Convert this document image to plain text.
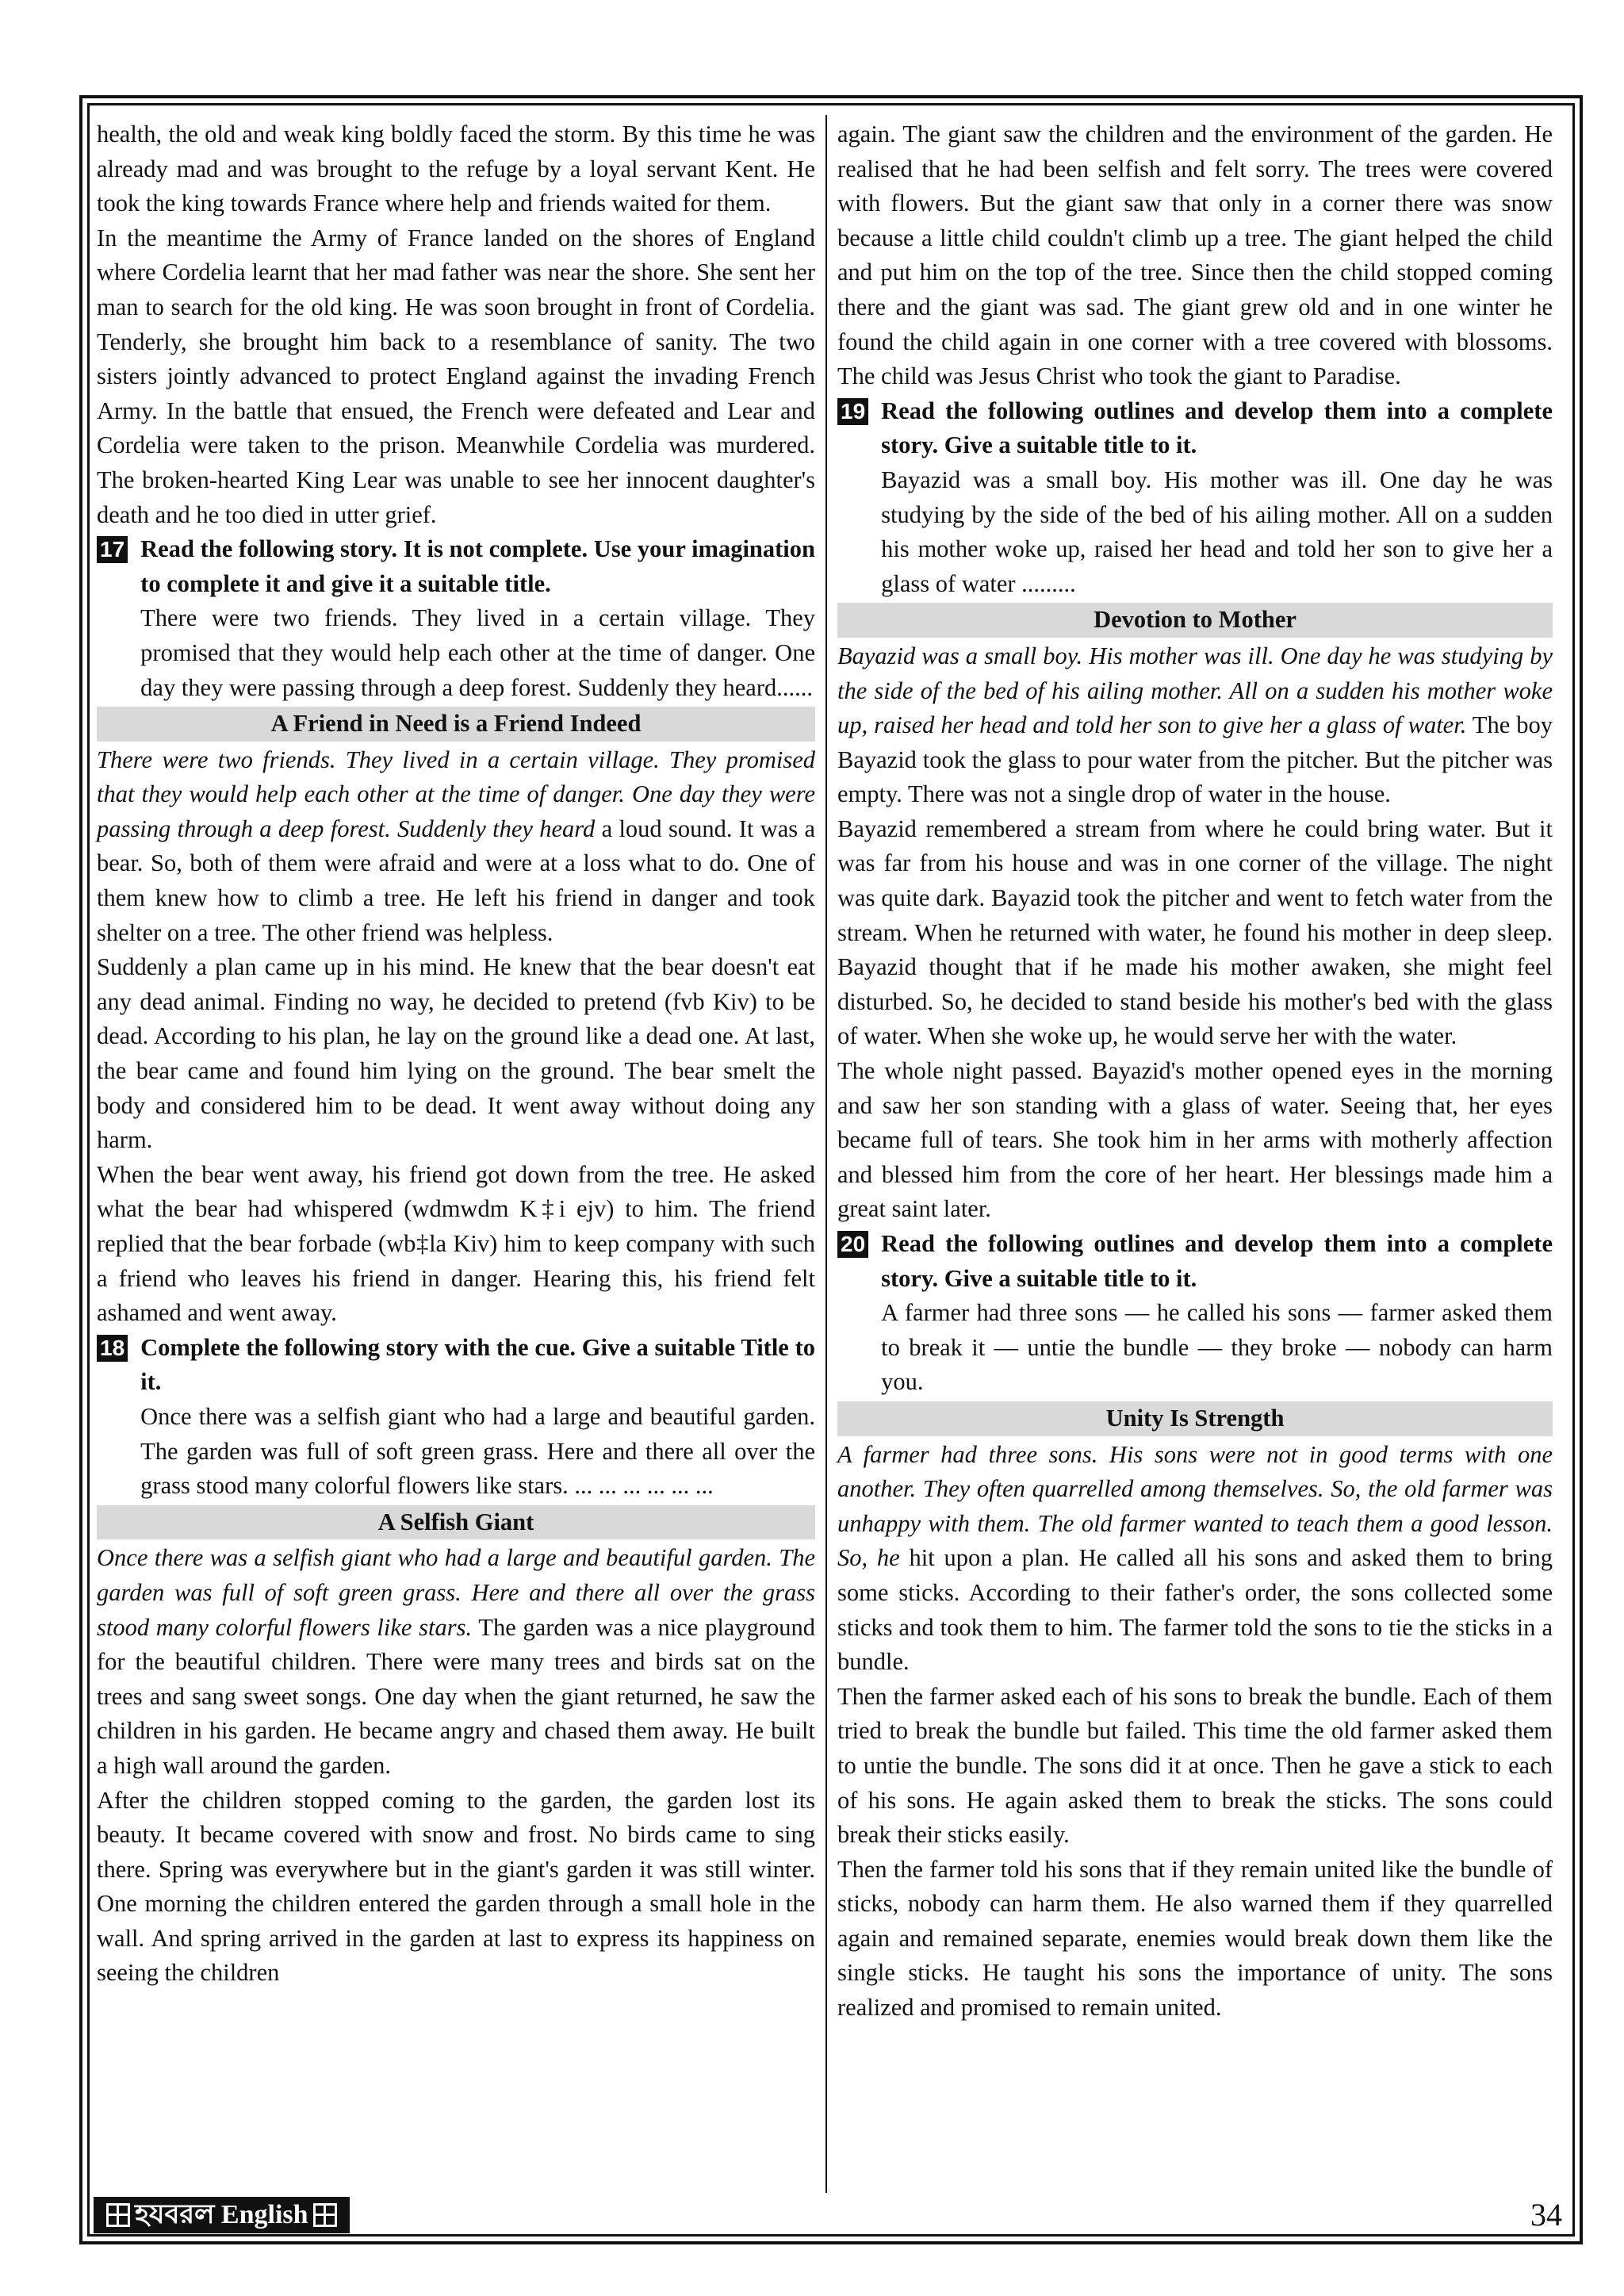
health, the old and weak king boldly faced the storm. By this time he was already mad and was brought to the refuge by a loyal servant Kent. He took the king towards France where help and friends waited for them.

In the meantime the Army of France landed on the shores of England where Cordelia learnt that her mad father was near the shore. She sent her man to search for the old king. He was soon brought in front of Cordelia. Tenderly, she brought him back to a resemblance of sanity. The two sisters jointly advanced to protect England against the invading French Army. In the battle that ensued, the French were defeated and Lear and Cordelia were taken to the prison. Meanwhile Cordelia was murdered. The broken-hearted King Lear was unable to see her innocent daughter's death and he too died in utter grief.

17 Read the following story. It is not complete. Use your imagination to complete it and give it a suitable title.

There were two friends. They lived in a certain village. They promised that they would help each other at the time of danger. One day they were passing through a deep forest. Suddenly they heard......

A Friend in Need is a Friend Indeed

There were two friends. They lived in a certain village. They promised that they would help each other at the time of danger. One day they were passing through a deep forest. Suddenly they heard a loud sound. It was a bear. So, both of them were afraid and were at a loss what to do. One of them knew how to climb a tree. He left his friend in danger and took shelter on a tree. The other friend was helpless.

Suddenly a plan came up in his mind. He knew that the bear doesn't eat any dead animal. Finding no way, he decided to pretend (fvb Kiv) to be dead. According to his plan, he lay on the ground like a dead one. At last, the bear came and found him lying on the ground. The bear smelt the body and considered him to be dead. It went away without doing any harm.

When the bear went away, his friend got down from the tree. He asked what the bear had whispered (wdmwdm K‡i ejv) to him. The friend replied that the bear forbade (wb‡la Kiv) him to keep company with such a friend who leaves his friend in danger. Hearing this, his friend felt ashamed and went away.

18 Complete the following story with the cue. Give a suitable Title to it.

Once there was a selfish giant who had a large and beautiful garden. The garden was full of soft green grass. Here and there all over the grass stood many colorful flowers like stars. ... ... ... ... ... ...

A Selfish Giant

Once there was a selfish giant who had a large and beautiful garden. The garden was full of soft green grass. Here and there all over the grass stood many colorful flowers like stars. The garden was a nice playground for the beautiful children. There were many trees and birds sat on the trees and sang sweet songs. One day when the giant returned, he saw the children in his garden. He became angry and chased them away. He built a high wall around the garden.

After the children stopped coming to the garden, the garden lost its beauty. It became covered with snow and frost. No birds came to sing there. Spring was everywhere but in the giant's garden it was still winter. One morning the children entered the garden through a small hole in the wall. And spring arrived in the garden at last to express its happiness on seeing the children

again. The giant saw the children and the environment of the garden. He realised that he had been selfish and felt sorry. The trees were covered with flowers. But the giant saw that only in a corner there was snow because a little child couldn't climb up a tree. The giant helped the child and put him on the top of the tree. Since then the child stopped coming there and the giant was sad. The giant grew old and in one winter he found the child again in one corner with a tree covered with blossoms. The child was Jesus Christ who took the giant to Paradise.

19 Read the following outlines and develop them into a complete story. Give a suitable title to it.

Bayazid was a small boy. His mother was ill. One day he was studying by the side of the bed of his ailing mother. All on a sudden his mother woke up, raised her head and told her son to give her a glass of water .........

Devotion to Mother

Bayazid was a small boy. His mother was ill. One day he was studying by the side of the bed of his ailing mother. All on a sudden his mother woke up, raised her head and told her son to give her a glass of water. The boy Bayazid took the glass to pour water from the pitcher. But the pitcher was empty. There was not a single drop of water in the house.

Bayazid remembered a stream from where he could bring water. But it was far from his house and was in one corner of the village. The night was quite dark. Bayazid took the pitcher and went to fetch water from the stream. When he returned with water, he found his mother in deep sleep. Bayazid thought that if he made his mother awaken, she might feel disturbed. So, he decided to stand beside his mother's bed with the glass of water. When she woke up, he would serve her with the water.

The whole night passed. Bayazid's mother opened eyes in the morning and saw her son standing with a glass of water. Seeing that, her eyes became full of tears. She took him in her arms with motherly affection and blessed him from the core of her heart. Her blessings made him a great saint later.

20 Read the following outlines and develop them into a complete story. Give a suitable title to it.

A farmer had three sons — he called his sons — farmer asked them to break it — untie the bundle — they broke — nobody can harm you.

Unity Is Strength

A farmer had three sons. His sons were not in good terms with one another. They often quarrelled among themselves. So, the old farmer was unhappy with them. The old farmer wanted to teach them a good lesson. So, he hit upon a plan. He called all his sons and asked them to bring some sticks. According to their father's order, the sons collected some sticks and took them to him. The farmer told the sons to tie the sticks in a bundle.

Then the farmer asked each of his sons to break the bundle. Each of them tried to break the bundle but failed. This time the old farmer asked them to untie the bundle. The sons did it at once. Then he gave a stick to each of his sons. He again asked them to break the sticks. The sons could break their sticks easily.

Then the farmer told his sons that if they remain united like the bundle of sticks, nobody can harm them. He also warned them if they quarrelled again and remained separate, enemies would break down them like the single sticks. He taught his sons the importance of unity. The sons realized and promised to remain united.

হযবরল English	34
